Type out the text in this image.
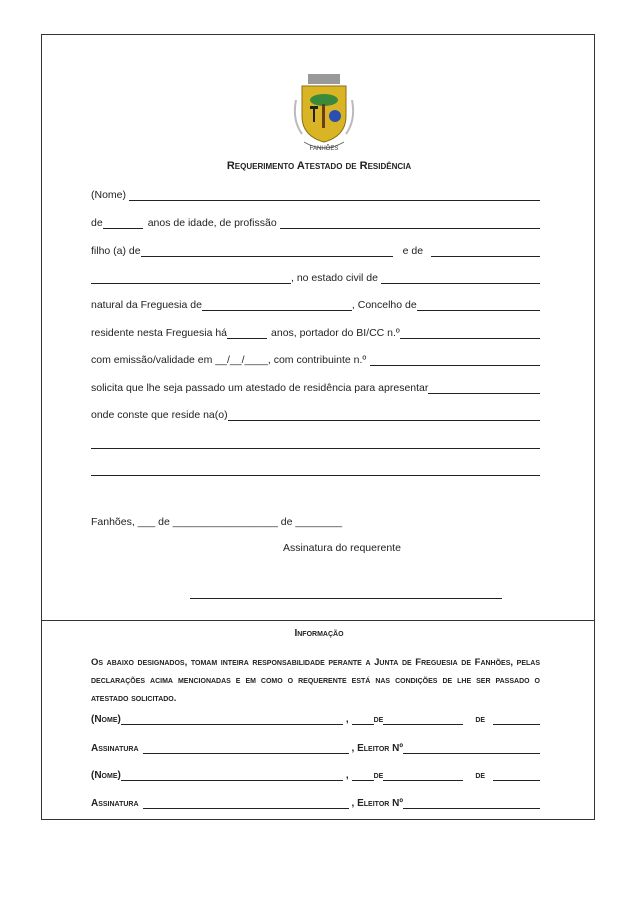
FANHÕES
Requerimento Atestado de Residência
(Nome)
de	anos de idade, de profissão
filho (a) de	e de
, no estado civil de
natural da Freguesia de	, Concelho de
residente nesta Freguesia há	anos, portador do BI/CC n.º
com emissão/validade em __/__/____, com contribuinte n.º
solicita que lhe seja passado um atestado de residência para apresentar
onde conste que reside na(o)
Fanhões, ___ de __________________ de ________
Assinatura do requerente
Informação
Os abaixo designados, tomam inteira responsabilidade perante a Junta de Freguesia de Fanhões, pelas declarações acima mencionadas e em como o requerente está nas condições de lhe ser passado o atestado solicitado.
(Nome)	,	de	de
Assinatura	, Eleitor Nº
(Nome)	,	de	de
Assinatura	, Eleitor Nº
